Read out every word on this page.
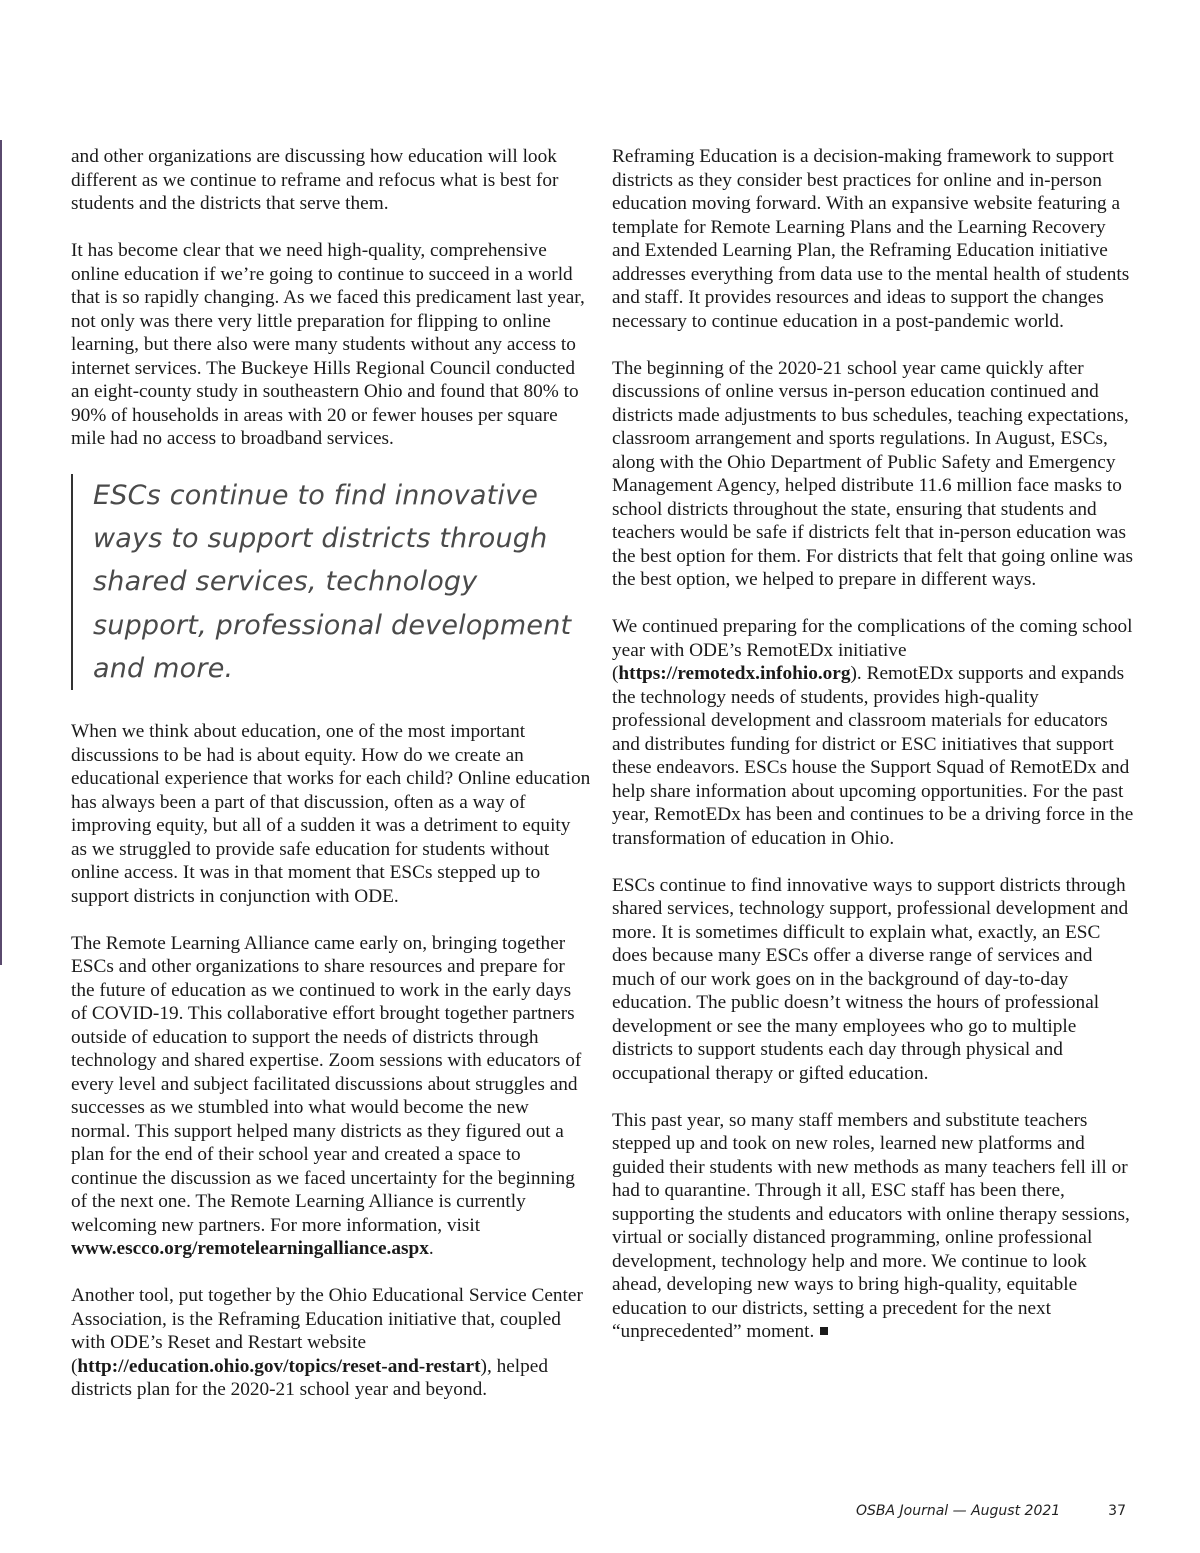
and other organizations are discussing how education will look different as we continue to reframe and refocus what is best for students and the districts that serve them.

It has become clear that we need high-quality, comprehensive online education if we’re going to continue to succeed in a world that is so rapidly changing. As we faced this predicament last year, not only was there very little preparation for flipping to online learning, but there also were many students without any access to internet services. The Buckeye Hills Regional Council conducted an eight-county study in southeastern Ohio and found that 80% to 90% of households in areas with 20 or fewer houses per square mile had no access to broadband services.

ESCs continue to find innovative ways to support districts through shared services, technology support, professional development and more.

When we think about education, one of the most important discussions to be had is about equity. How do we create an educational experience that works for each child? Online education has always been a part of that discussion, often as a way of improving equity, but all of a sudden it was a detriment to equity as we struggled to provide safe education for students without online access. It was in that moment that ESCs stepped up to support districts in conjunction with ODE.

The Remote Learning Alliance came early on, bringing together ESCs and other organizations to share resources and prepare for the future of education as we continued to work in the early days of COVID-19. This collaborative effort brought together partners outside of education to support the needs of districts through technology and shared expertise. Zoom sessions with educators of every level and subject facilitated discussions about struggles and successes as we stumbled into what would become the new normal. This support helped many districts as they figured out a plan for the end of their school year and created a space to continue the discussion as we faced uncertainty for the beginning of the next one. The Remote Learning Alliance is currently welcoming new partners. For more information, visit www.escco.org/remotelearningalliance.aspx.

Another tool, put together by the Ohio Educational Service Center Association, is the Reframing Education initiative that, coupled with ODE’s Reset and Restart website (http://education.ohio.gov/topics/reset-and-restart), helped districts plan for the 2020-21 school year and beyond.

Reframing Education is a decision-making framework to support districts as they consider best practices for online and in-person education moving forward. With an expansive website featuring a template for Remote Learning Plans and the Learning Recovery and Extended Learning Plan, the Reframing Education initiative addresses everything from data use to the mental health of students and staff. It provides resources and ideas to support the changes necessary to continue education in a post-pandemic world.

The beginning of the 2020-21 school year came quickly after discussions of online versus in-person education continued and districts made adjustments to bus schedules, teaching expectations, classroom arrangement and sports regulations. In August, ESCs, along with the Ohio Department of Public Safety and Emergency Management Agency, helped distribute 11.6 million face masks to school districts throughout the state, ensuring that students and teachers would be safe if districts felt that in-person education was the best option for them. For districts that felt that going online was the best option, we helped to prepare in different ways.

We continued preparing for the complications of the coming school year with ODE’s RemotEDx initiative (https://remotedx.infohio.org). RemotEDx supports and expands the technology needs of students, provides high-quality professional development and classroom materials for educators and distributes funding for district or ESC initiatives that support these endeavors. ESCs house the Support Squad of RemotEDx and help share information about upcoming opportunities. For the past year, RemotEDx has been and continues to be a driving force in the transformation of education in Ohio.

ESCs continue to find innovative ways to support districts through shared services, technology support, professional development and more. It is sometimes difficult to explain what, exactly, an ESC does because many ESCs offer a diverse range of services and much of our work goes on in the background of day-to-day education. The public doesn’t witness the hours of professional development or see the many employees who go to multiple districts to support students each day through physical and occupational therapy or gifted education.

This past year, so many staff members and substitute teachers stepped up and took on new roles, learned new platforms and guided their students with new methods as many teachers fell ill or had to quarantine. Through it all, ESC staff has been there, supporting the students and educators with online therapy sessions, virtual or socially distanced programming, online professional development, technology help and more. We continue to look ahead, developing new ways to bring high-quality, equitable education to our districts, setting a precedent for the next “unprecedented” moment.

OSBA Journal — August 2021	37
